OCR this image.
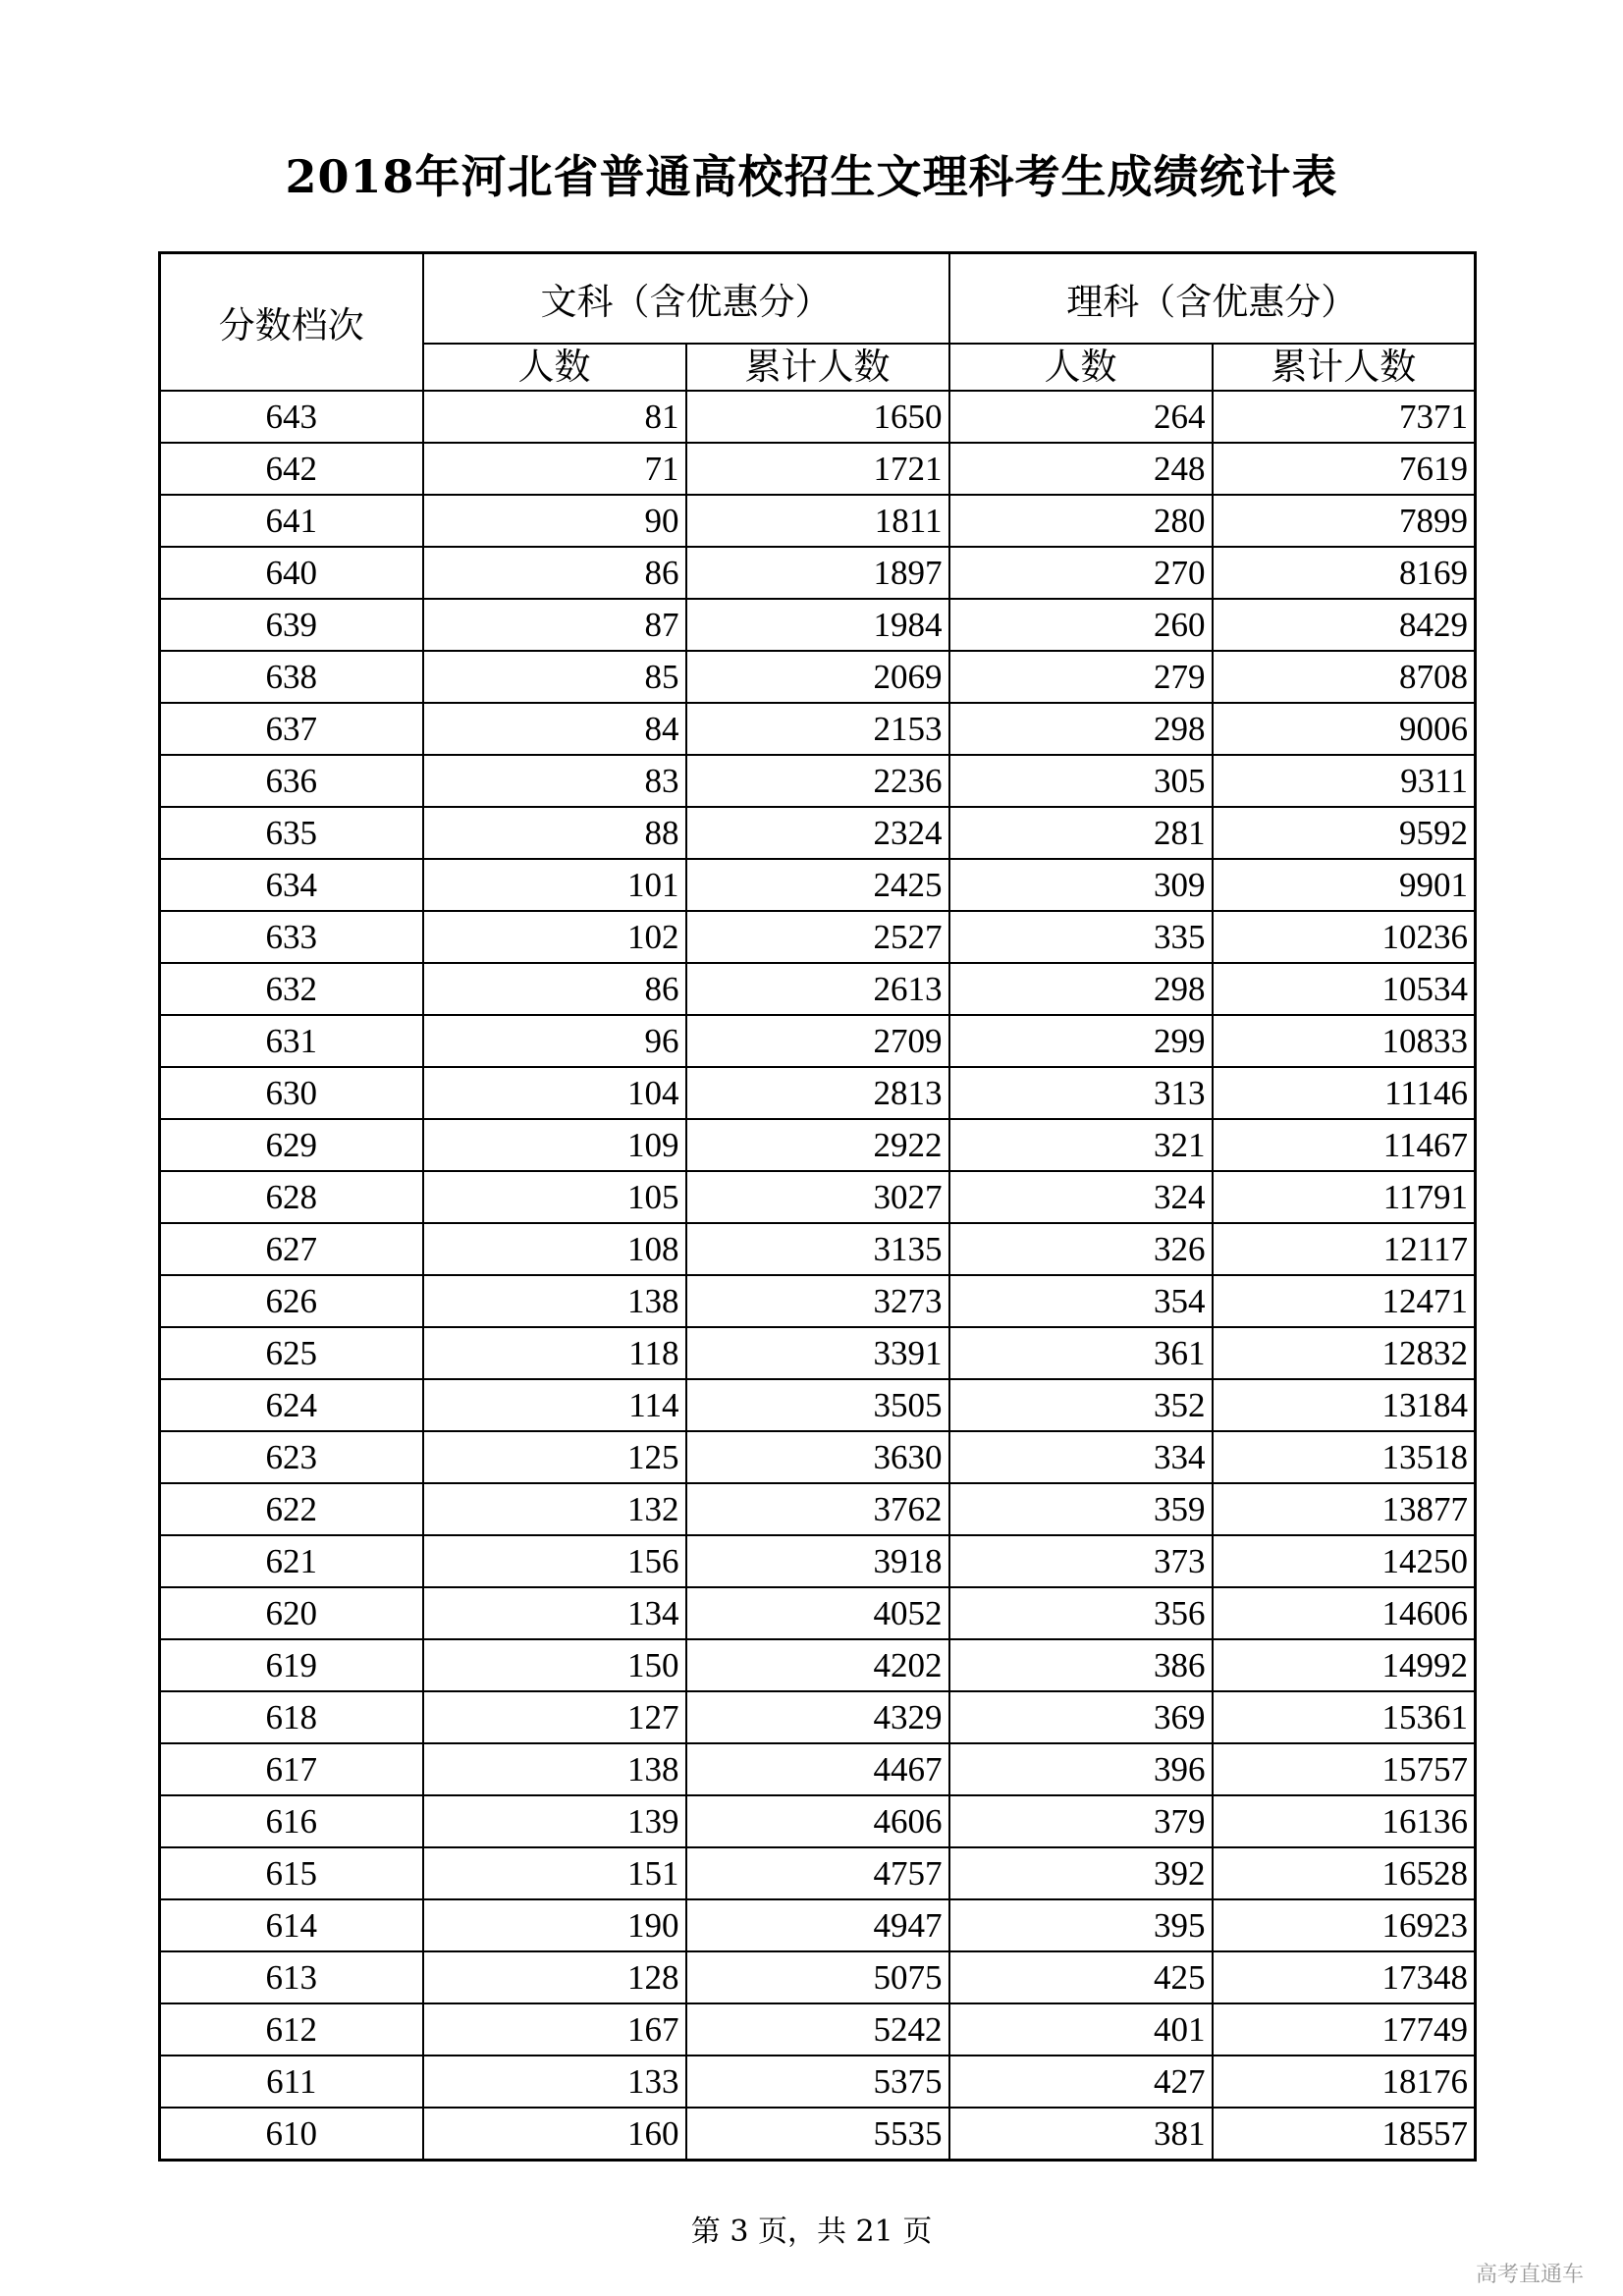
2018年河北省普通高校招生文理科考生成绩统计表
分数档次	文科（含优惠分）		理科（含优惠分）	
	人数	累计人数	人数	累计人数
643	81	1650	264	7371
642	71	1721	248	7619
641	90	1811	280	7899
640	86	1897	270	8169
639	87	1984	260	8429
638	85	2069	279	8708
637	84	2153	298	9006
636	83	2236	305	9311
635	88	2324	281	9592
634	101	2425	309	9901
633	102	2527	335	10236
632	86	2613	298	10534
631	96	2709	299	10833
630	104	2813	313	11146
629	109	2922	321	11467
628	105	3027	324	11791
627	108	3135	326	12117
626	138	3273	354	12471
625	118	3391	361	12832
624	114	3505	352	13184
623	125	3630	334	13518
622	132	3762	359	13877
621	156	3918	373	14250
620	134	4052	356	14606
619	150	4202	386	14992
618	127	4329	369	15361
617	138	4467	396	15757
616	139	4606	379	16136
615	151	4757	392	16528
614	190	4947	395	16923
613	128	5075	425	17348
612	167	5242	401	17749
611	133	5375	427	18176
610	160	5535	381	18557
第 3 页，共 21 页
高考直通车
